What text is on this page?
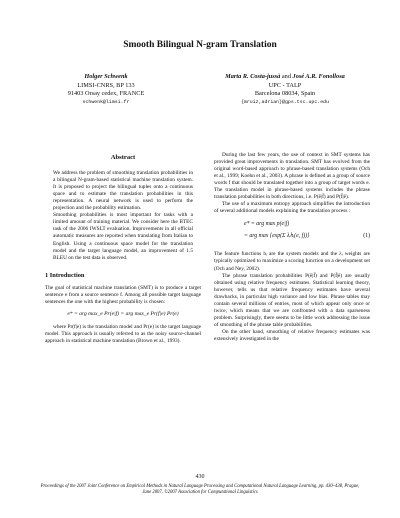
Smooth Bilingual N-gram Translation
Holger Schwenk
LIMSI-CNRS, BP 133
91403 Orsay cedex, FRANCE
schwenk@limsi.fr
Marta R. Costa-jussà and José A.R. Fonollosa
UPC - TALP
Barcelona 08034, Spain
{mruiz,adrian}@gps.tsc.upc.edu
Abstract

We address the problem of smoothing translation probabilities in a bilingual N-gram-based statistical machine translation system. It is proposed to project the bilingual tuples onto a continuous space and to estimate the translation probabilities in this representation. A neural network is used to perform the projection and the probability estimation.

Smoothing probabilities is most important for tasks with a limited amount of training material. We consider here the BTEC task of the 2006 IWSLT evaluation. Improvements in all official automatic measures are reported when translating from Italian to English. Using a continuous space model for the translation model and the target language model, an improvement of 1.5 BLEU on the test data is observed.

1 Introduction

The goal of statistical machine translation (SMT) is to produce a target sentence e from a source sentence f. Among all possible target language sentences the one with the highest probability is chosen:

e* = arg max_e Pr(e|f) = arg max_e Pr(f|e) Pr(e)

where Pr(f|e) is the translation model and Pr(e) is the target language model. This approach is usually referred to as the noisy source-channel approach in statistical machine translation (Brown et al., 1993).

During the last few years, the use of context in SMT systems has provided great improvements in translation. SMT has evolved from the original word-based approach to phrase-based translation systems (Och et al., 1999; Koehn et al., 2003). A phrase is defined as a group of source words f that should be translated together into a group of target words e. The translation model in phrase-based systems includes the phrase translation probabilities in both directions, i.e. P(ē|f̄) and P(f̄|ē).

The use of a maximum entropy approach simplifies the introduction of several additional models explaining the translation process :

e* = arg max p(e|f)
= arg max {exp(Σ λᵢhᵢ(e, f))}	(1)

The feature functions hᵢ are the system models and the λᵢ weights are typically optimized to maximize a scoring function on a development set (Och and Ney, 2002).

The phrase translation probabilities P(ē|f̄) and P(f̄|ē) are usually obtained using relative frequency estimates. Statistical learning theory, however, tells us that relative frequency estimates have several drawbacks, in particular high variance and low bias. Phrase tables may contain several millions of entries, most of which appear only once or twice, which means that we are confronted with a data sparseness problem. Surprisingly, there seems to be little work addressing the issue of smoothing of the phrase table probabilities.

On the other hand, smoothing of relative frequency estimates was extensively investigated in the

430
Proceedings of the 2007 Joint Conference on Empirical Methods in Natural Language Processing and Computational Natural Language Learning, pp. 430–438, Prague, June 2007. ©2007 Association for Computational Linguistics
